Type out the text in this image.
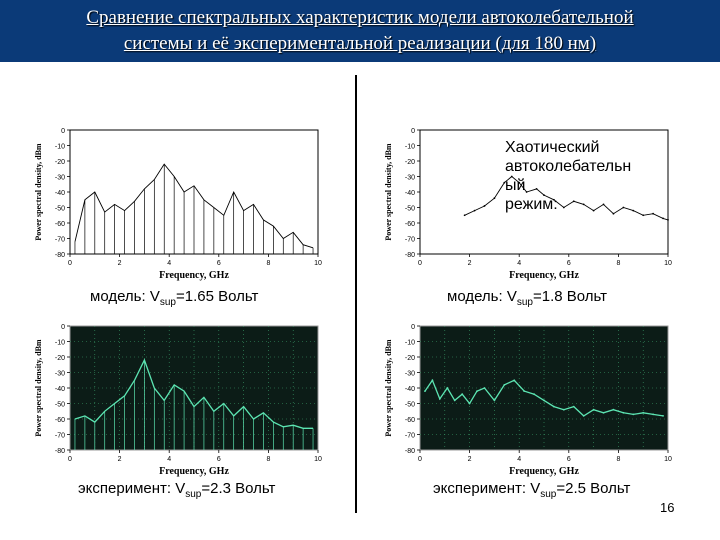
Сравнение спектральных характеристик модели автоколебательной
системы и её экспериментальной реализации (для 180 нм)
0
-10
-20
-30
-40
-50
-60
-70
-80
0	2	4	6	8	10
Frequency, GHz
Power spectral density, dBm
0
-10
-20
-30
-40
-50
-60
-70
-80
0	2	4	6	8	10
Frequency, GHz
Power spectral density, dBm
0
-10
-20
-30
-40
-50
-60
-70
-80
0	2	4	6	8	10
Frequency, GHz
Power spectral density, dBm
0
-10
-20
-30
-40
-50
-60
-70
-80
0	2	4	6	8	10
Frequency, GHz
Power spectral density, dBm
модель: $V_{sup}=1.65$ Вольт	модель: $V_{sup}=1.8$ Вольт
эксперимент: $V_{sup}=2.3$ Вольт	эксперимент: $V_{sup}=2.5$ Вольт
Хаотический
автоколебательн
ый
режим:
16
